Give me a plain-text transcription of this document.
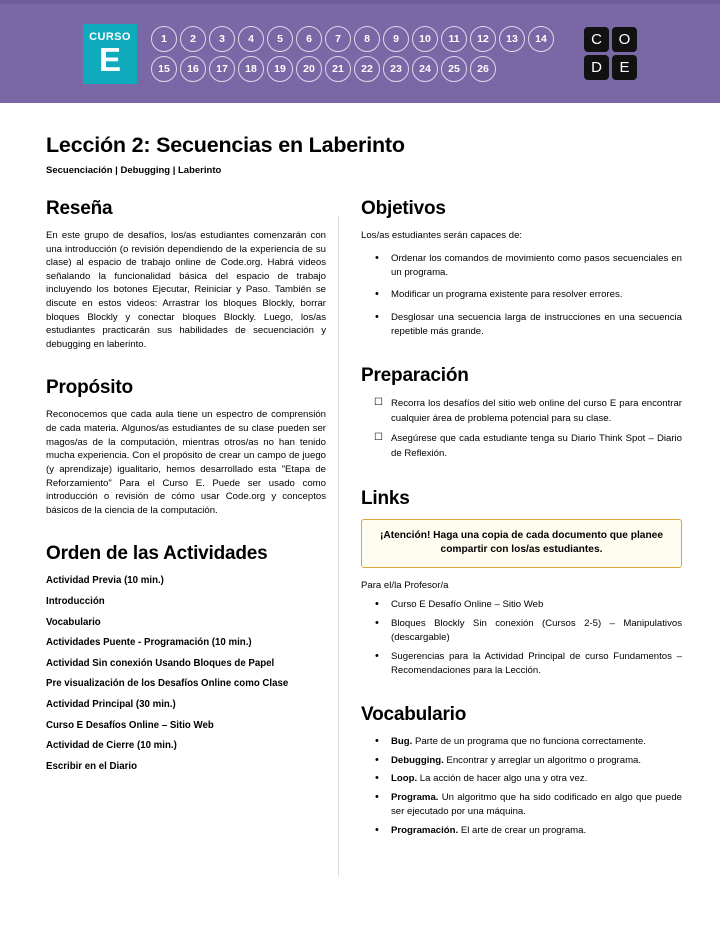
CURSO
E
1	2	3	4	5	6	7	8	9	10	11	12	13	14
15	16	17	18	19	20	21	22	23	24	25	26
C	O
D	E
Lección 2: Secuencias en Laberinto
Secuenciación | Debugging | Laberinto
Reseña

En este grupo de desafíos, los/as estudiantes comenzarán con una introducción (o revisión dependiendo de la experiencia de su clase) al espacio de trabajo online de Code.org. Habrá videos señalando la funcionalidad básica del espacio de trabajo incluyendo los botones Ejecutar, Reiniciar y Paso. También se discute en estos videos: Arrastrar los bloques Blockly, borrar bloques Blockly y conectar bloques Blockly. Luego, los/as estudiantes practicarán sus habilidades de secuenciación y debugging en laberinto.

Propósito

Reconocemos que cada aula tiene un espectro de comprensión de cada materia. Algunos/as estudiantes de su clase pueden ser magos/as de la computación, mientras otros/as no han tenido mucha experiencia. Con el propósito de crear un campo de juego (y aprendizaje) igualitario, hemos desarrollado esta "Etapa de Reforzamiento" Para el Curso E. Puede ser usado como introducción o revisión de cómo usar Code.org y conceptos básicos de la ciencia de la computación.

Orden de las Actividades
Actividad Previa (10 min.)
Introducción
Vocabulario
Actividades Puente - Programación (10 min.)
Actividad Sin conexión Usando Bloques de Papel
Pre visualización de los Desafíos Online como Clase
Actividad Principal (30 min.)
Curso E Desafíos Online – Sitio Web
Actividad de Cierre (10 min.)
Escribir en el Diario
Objetivos

Los/as estudiantes serán capaces de:

• Ordenar los comandos de movimiento como pasos secuenciales en un programa.
• Modificar un programa existente para resolver errores.
• Desglosar una secuencia larga de instrucciones en una secuencia repetible más grande.
Preparación
☐ Recorra los desafíos del sitio web online del curso E para encontrar cualquier área de problema potencial para su clase.
☐ Asegúrese que cada estudiante tenga su Diario Think Spot – Diario de Reflexión.
Links
¡Atención! Haga una copia de cada documento que planee compartir con los/as estudiantes.

Para el/la Profesor/a

• Curso E Desafío Online – Sitio Web
• Bloques Blockly Sin conexión (Cursos 2-5) – Manipulativos (descargable)
• Sugerencias para la Actividad Principal de curso Fundamentos – Recomendaciones para la Lección.
Vocabulario
• Bug. Parte de un programa que no funciona correctamente.
• Debugging. Encontrar y arreglar un algoritmo o programa.
• Loop. La acción de hacer algo una y otra vez.
• Programa. Un algoritmo que ha sido codificado en algo que puede ser ejecutado por una máquina.
• Programación. El arte de crear un programa.
